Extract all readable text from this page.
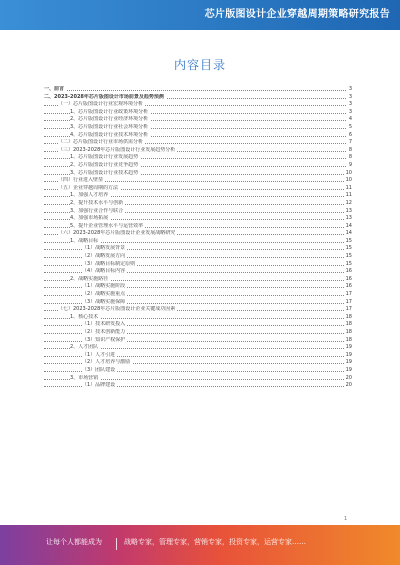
芯片版图设计企业穿越周期策略研究报告
内容目录
一、前言	3
二、2023-2028年芯片版图设计市场前景及趋势预测	3
（一）芯片版图设计行业宏观环境分析	3
1、芯片版图设计行业政策环境分析	3
2、芯片版图设计行业经济环境分析	4
3、芯片版图设计行业社会环境分析	5
4、芯片版图设计行业技术环境分析	6
（二）芯片版图设计行业市场供需分析	7
（三）2023-2028年芯片版图设计行业发展趋势分析	8
1、芯片版图设计行业发展趋势	8
2、芯片版图设计行业竞争趋势	9
3、芯片版图设计行业技术趋势	10
（四）行业进入壁垒	10
（五）企业穿越周期的方法	11
1、加强人才培养	11
2、提升技术水平与创新	12
3、加强行业合作与联合	13
4、加强市场拓展	13
5、提升企业管理水平与运营效率	14
（六）2023-2028年芯片版图设计企业发展战略研究	14
1、战略目标	15
（1）战略发展背景	15
（2）战略发展方向	15
（3）战略目标制定原则	15
（4）战略目标内容	16
2、战略实施路径	16
（1）战略实施阶段	16
（2）战略实施重点	17
（3）战略实施保障	17
（七）2023-2028年芯片版图设计企业关键成功因素	17
1、核心技术	18
（1）技术研发投入	18
（2）技术创新能力	18
（3）知识产权保护	18
2、人才团队	19
（1）人才引进	19
（2）人才培养与激励	19
（3）团队建设	19
3、市场营销	20
（1）品牌建设	20
1
让每个人都能成为	战略专家，管理专家，营销专家，投资专家，运营专家……
